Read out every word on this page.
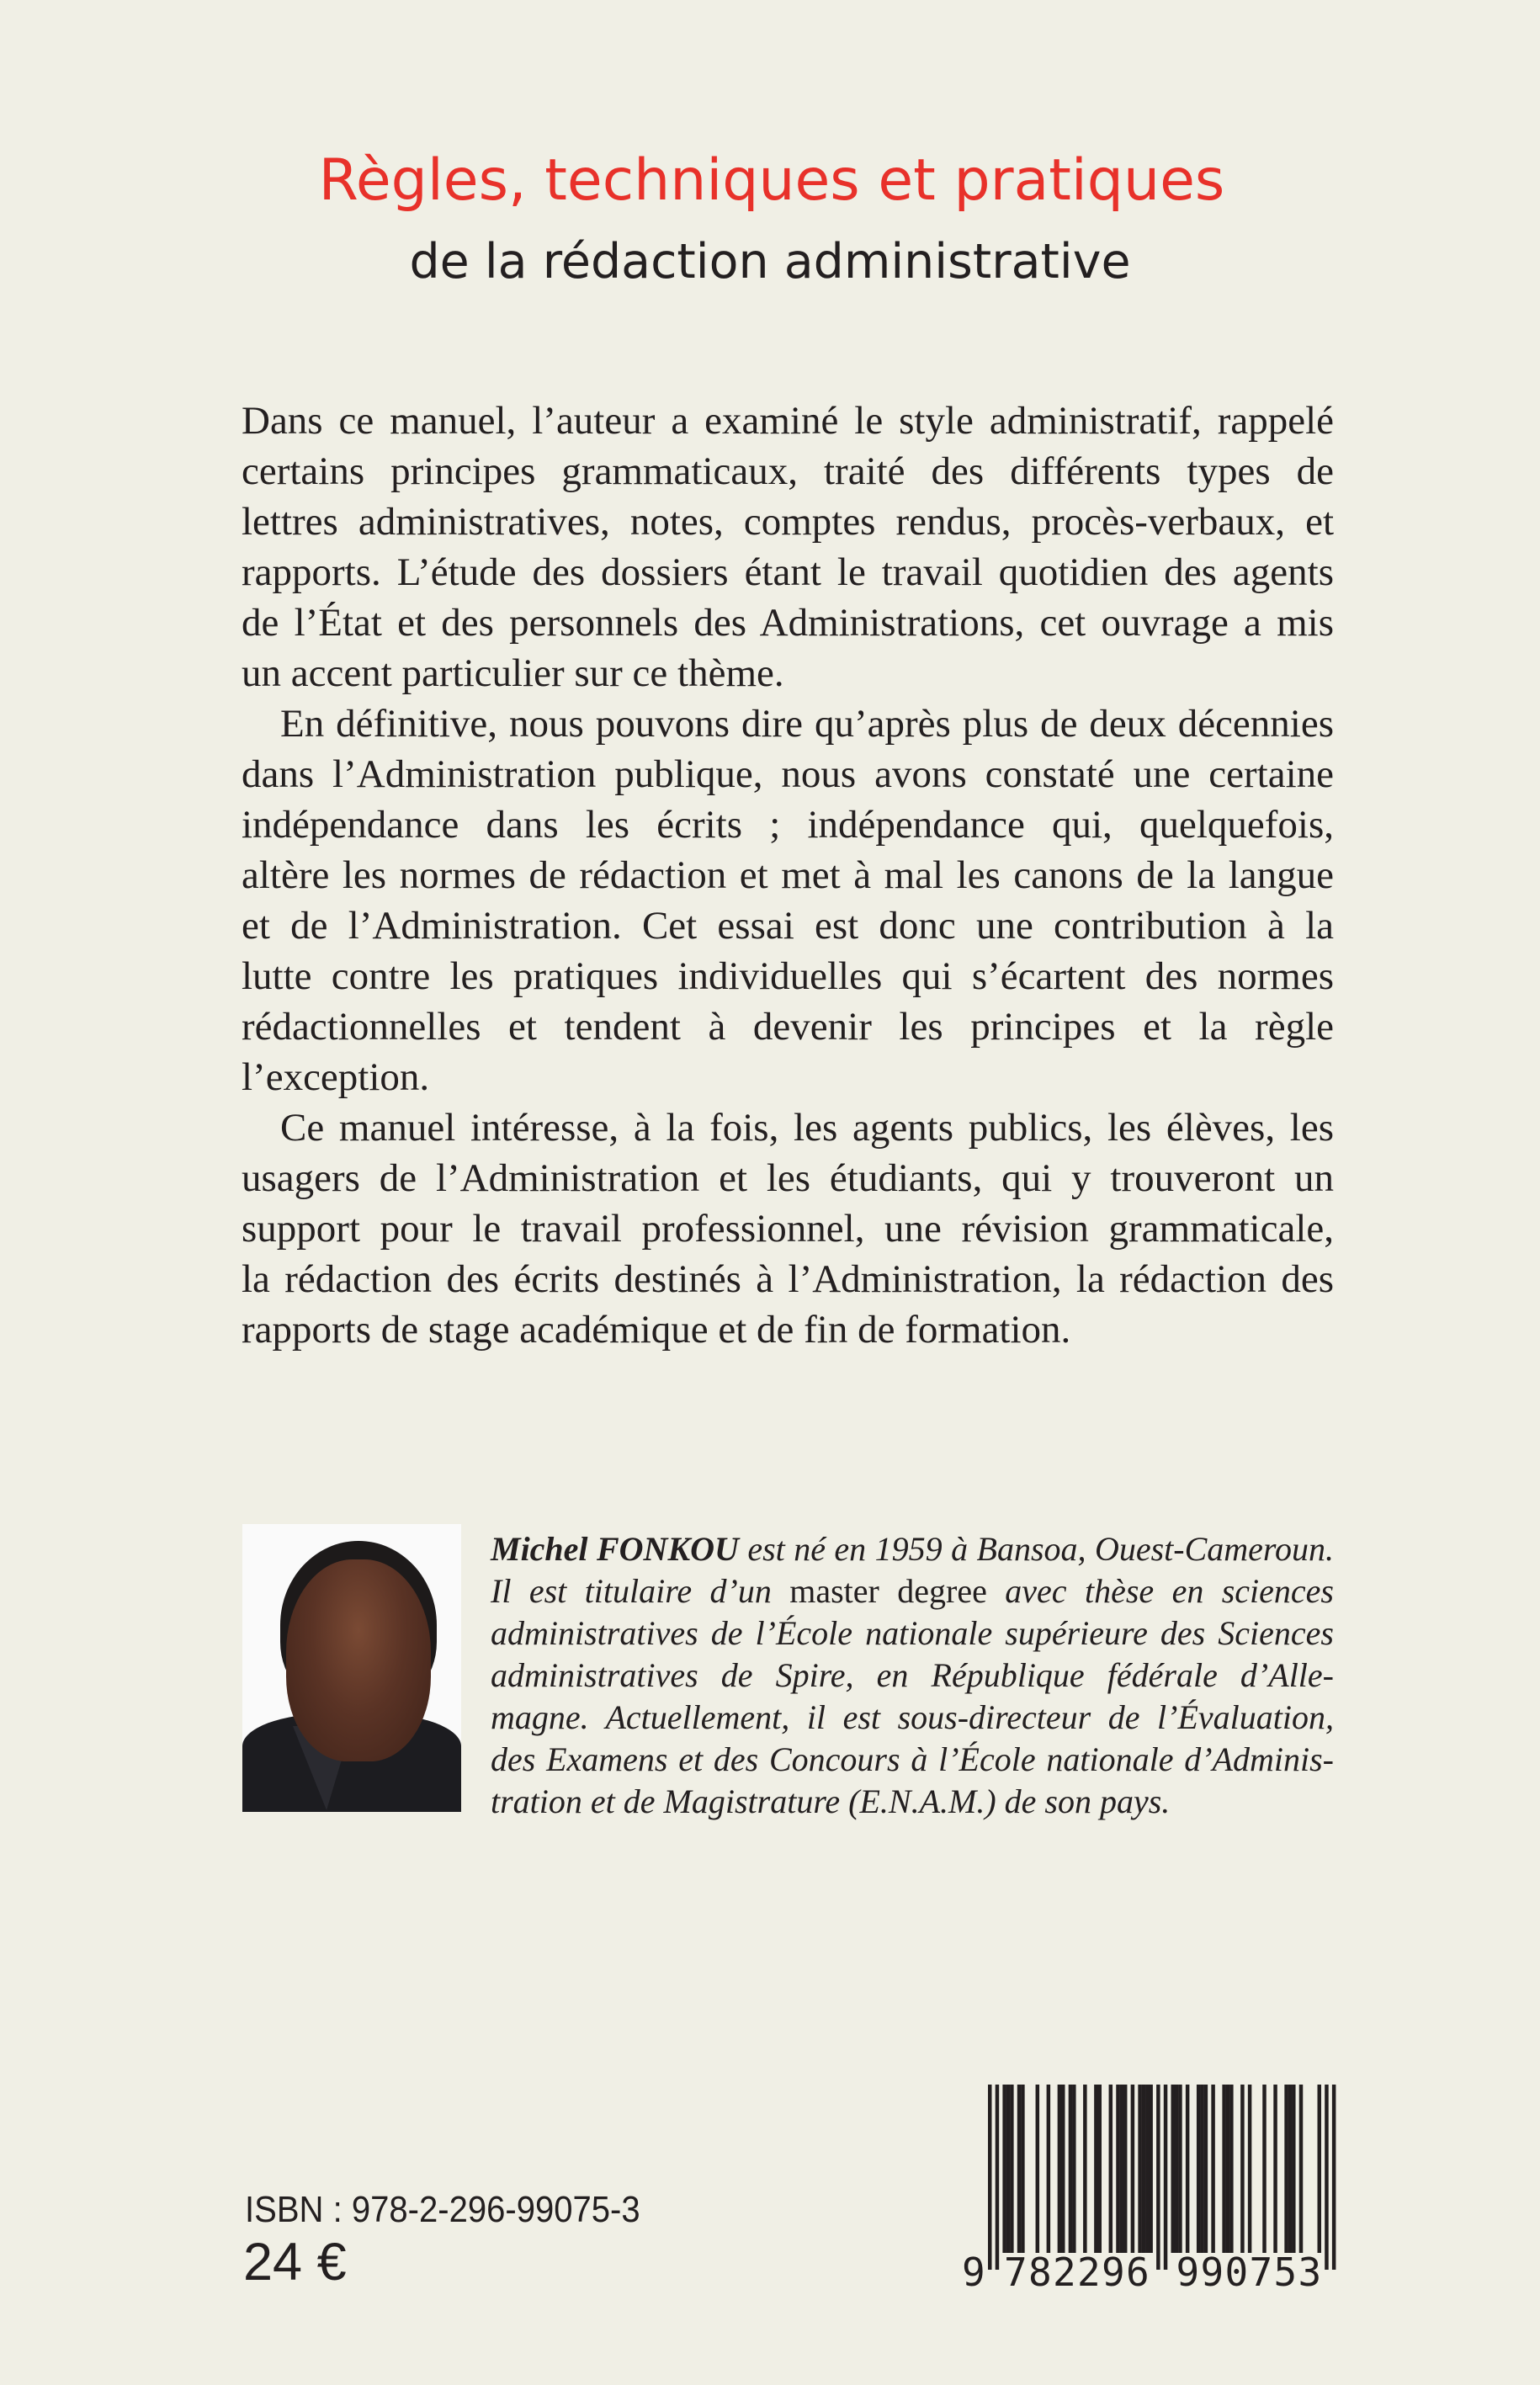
Règles, techniques et pratiques
de la rédaction administrative
Dans ce manuel, l’auteur a examiné le style administratif, rappelé
certains principes grammaticaux, traité des différents types de
lettres administratives, notes, comptes rendus, procès-verbaux, et
rapports. L’étude des dossiers étant le travail quotidien des agents
de l’État et des personnels des Administrations, cet ouvrage a mis
un accent particulier sur ce thème.
En définitive, nous pouvons dire qu’après plus de deux décennies
dans l’Administration publique, nous avons constaté une certaine
indépendance dans les écrits ; indépendance qui, quelquefois,
altère les normes de rédaction et met à mal les canons de la langue
et de l’Administration. Cet essai est donc une contribution à la
lutte contre les pratiques individuelles qui s’écartent des normes
rédactionnelles et tendent à devenir les principes et la règle
l’exception.
Ce manuel intéresse, à la fois, les agents publics, les élèves, les
usagers de l’Administration et les étudiants, qui y trouveront un
support pour le travail professionnel, une révision grammaticale,
la rédaction des écrits destinés à l’Administration, la rédaction des
rapports de stage académique et de fin de formation.
Michel FONKOU est né en 1959 à Bansoa, Ouest-Cameroun.
Il est titulaire d’un master degree avec thèse en sciences
administratives de l’École nationale supérieure des Sciences
administratives de Spire, en République fédérale d’Alle-
magne. Actuellement, il est sous-directeur de l’Évaluation,
des Examens et des Concours à l’École nationale d’Adminis-
tration et de Magistrature (E.N.A.M.) de son pays.
ISBN : 978-2-296-99075-3
24 €	9 782296 990753
